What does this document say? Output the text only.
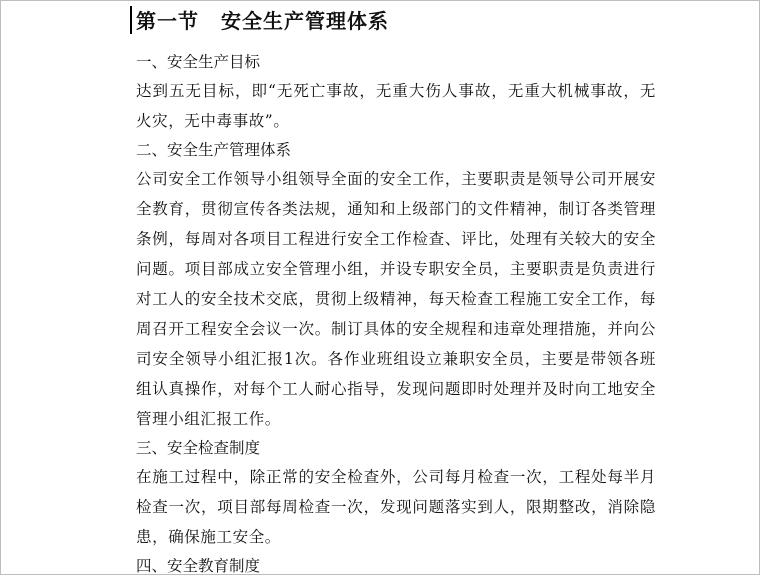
第一节 安全生产管理体系

一、安全生产目标

达到五无目标，即“无死亡事故，无重大伤人事故，无重大机械事故，无火灾，无中毒事故”。

二、安全生产管理体系

公司安全工作领导小组领导全面的安全工作，主要职责是领导公司开展安全教育，贯彻宣传各类法规，通知和上级部门的文件精神，制订各类管理条例，每周对各项目工程进行安全工作检查、评比，处理有关较大的安全问题。项目部成立安全管理小组，并设专职安全员，主要职责是负责进行对工人的安全技术交底，贯彻上级精神，每天检查工程施工安全工作，每周召开工程安全会议一次。制订具体的安全规程和违章处理措施，并向公司安全领导小组汇报1次。各作业班组设立兼职安全员，主要是带领各班组认真操作，对每个工人耐心指导，发现问题即时处理并及时向工地安全管理小组汇报工作。

三、安全检查制度

在施工过程中，除正常的安全检查外，公司每月检查一次，工程处每半月检查一次，项目部每周检查一次，发现问题落实到人，限期整改，消除隐患，确保施工安全。

四、安全教育制度
